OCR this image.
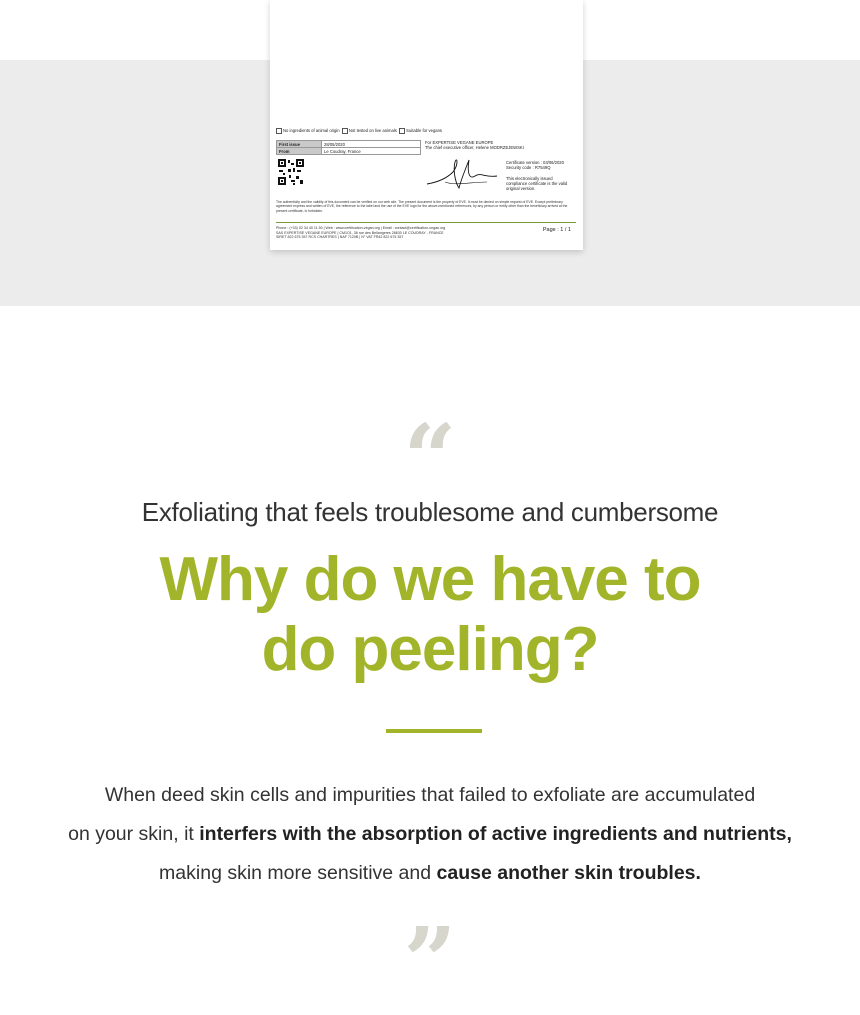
No ingredients of animal origin Not tested on live animals Suitable for vegans
First issue	28/05/2020
From	Le Coudray, France
For EXPERTISE VEGANE EUROPE
The chief executive officer, Helene MODRZEJEWSKI
Certificate version : 03/06/2020
Security code : R7549Q
This electronically issued compliance certificate is the valid original version.
The authenticity and the validity of this document can be verified on our web site. The present document is the property of EVE. It must be denied on simple request of EVE. Except preliminary agreement express and written of EVE, the reference to the label and the use of the EVE logo for the above-mentioned references, by any person or entity other than the beneficiary arrived at the present certificate, is forbidden.
Phone : (+33) 02 34 40 11 50 | Web : www.certification-vegan.org | Email : contact@certification-vegan.org
SAS EXPERTISE VEGANE EUROPE | CM1O1, 36 rue des Bellangeres 28630 LE COUDRAY - FRANCE
SIRET 822 675 357 RCS CHARTRES | NAF 7120B | N° VAT FR42 822 675 357
Page : 1 / 1
“
Exfoliating that feels troublesome and cumbersome
Why do we have to
do peeling?
When deed skin cells and impurities that failed to exfoliate are accumulated
on your skin, it interfers with the absorption of active ingredients and nutrients,
making skin more sensitive and cause another skin troubles.
”
